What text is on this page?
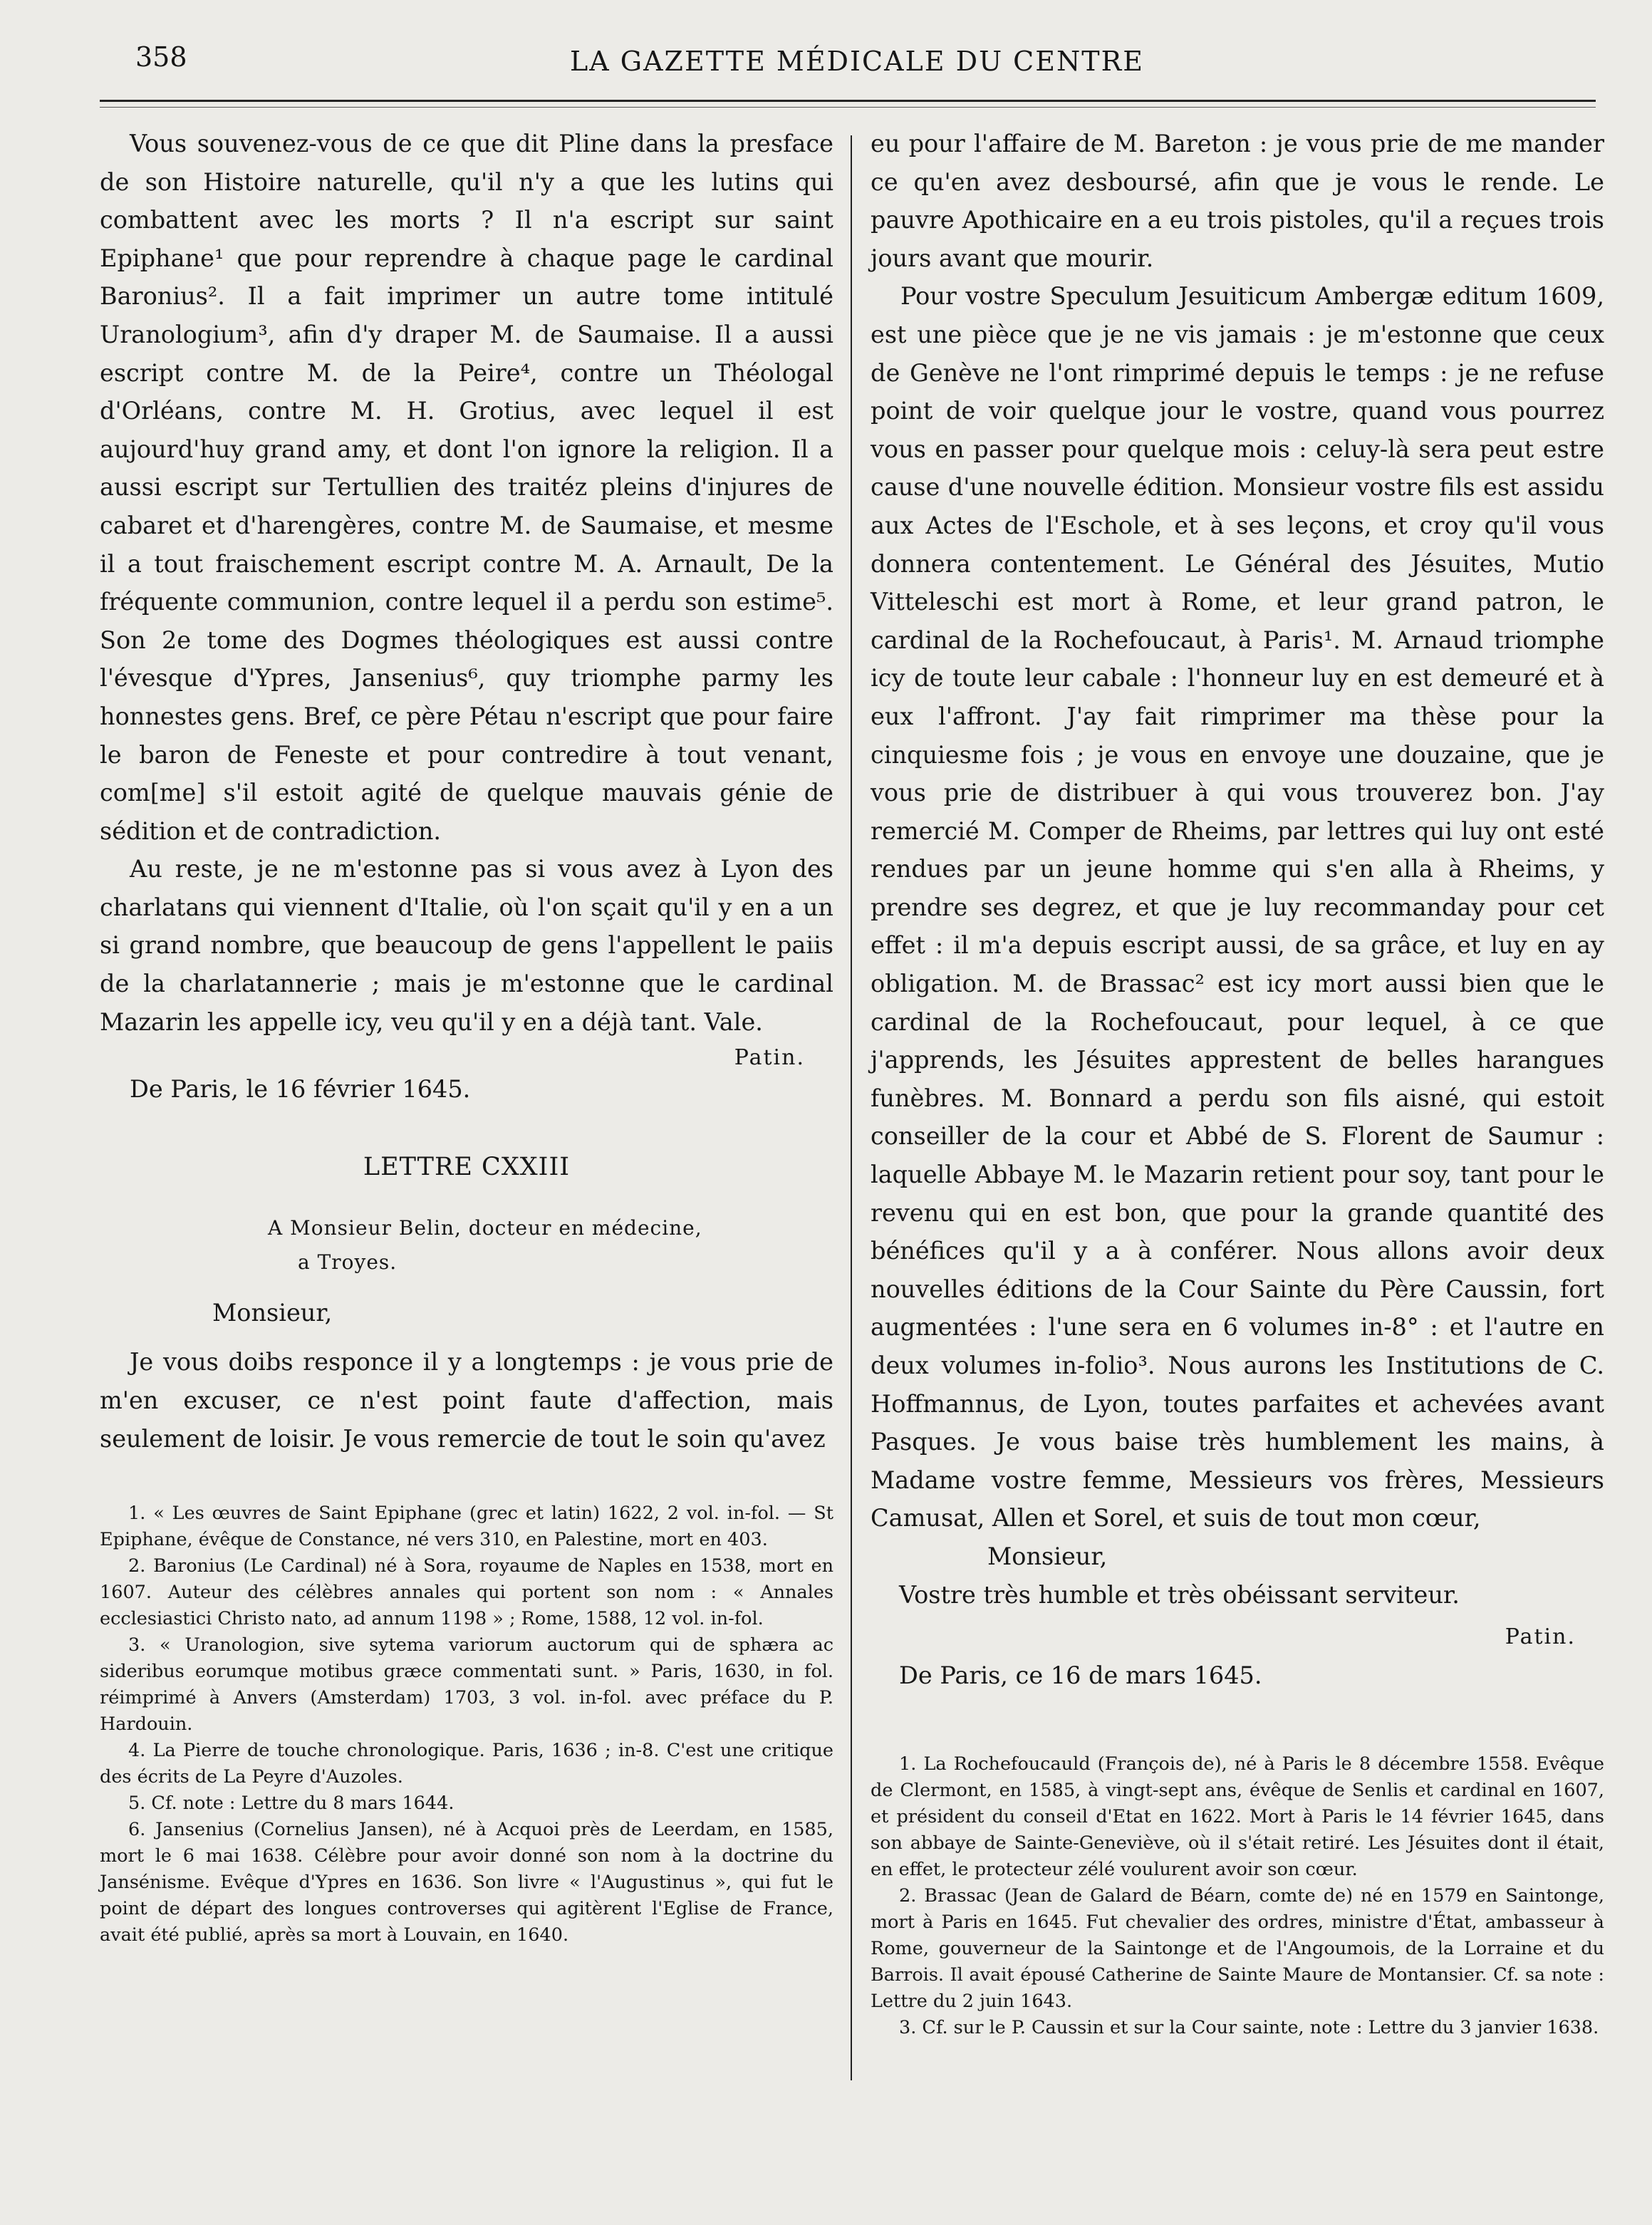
358	LA GAZETTE MÉDICALE DU CENTRE

Vous souvenez-vous de ce que dit Pline dans la presface de son Histoire naturelle, qu'il n'y a que les lutins qui combattent avec les morts ? Il n'a escript sur saint Epiphane¹ que pour reprendre à chaque page le cardinal Baronius². Il a fait imprimer un autre tome intitulé Uranologium³, afin d'y draper M. de Saumaise. Il a aussi escript contre M. de la Peire⁴, contre un Théologal d'Orléans, contre M. H. Grotius, avec lequel il est aujourd'huy grand amy, et dont l'on ignore la religion. Il a aussi escript sur Tertullien des traitéz pleins d'injures de cabaret et d'harengères, contre M. de Saumaise, et mesme il a tout fraischement escript contre M. A. Arnault, De la fréquente communion, contre lequel il a perdu son estime⁵. Son 2e tome des Dogmes théologiques est aussi contre l'évesque d'Ypres, Jansenius⁶, quy triomphe parmy les honnestes gens. Bref, ce père Pétau n'escript que pour faire le baron de Feneste et pour contredire à tout venant, com[me] s'il estoit agité de quelque mauvais génie de sédition et de contradiction.

Au reste, je ne m'estonne pas si vous avez à Lyon des charlatans qui viennent d'Italie, où l'on sçait qu'il y en a un si grand nombre, que beaucoup de gens l'appellent le paiis de la charlatannerie ; mais je m'estonne que le cardinal Mazarin les appelle icy, veu qu'il y en a déjà tant. Vale.

Patin.

De Paris, le 16 février 1645.

LETTRE CXXIII

A Monsieur Belin, docteur en médecine,

a Troyes.

Monsieur,

Je vous doibs responce il y a longtemps : je vous prie de m'en excuser, ce n'est point faute d'affection, mais seulement de loisir. Je vous remercie de tout le soin qu'avez

1. « Les œuvres de Saint Epiphane (grec et latin) 1622, 2 vol. in-fol. — St Epiphane, évêque de Constance, né vers 310, en Palestine, mort en 403.

2. Baronius (Le Cardinal) né à Sora, royaume de Naples en 1538, mort en 1607. Auteur des célèbres annales qui portent son nom : « Annales ecclesiastici Christo nato, ad annum 1198 » ; Rome, 1588, 12 vol. in-fol.

3. « Uranologion, sive sytema variorum auctorum qui de sphæra ac sideribus eorumque motibus græce commentati sunt. » Paris, 1630, in fol. réimprimé à Anvers (Amsterdam) 1703, 3 vol. in-fol. avec préface du P. Hardouin.

4. La Pierre de touche chronologique. Paris, 1636 ; in-8. C'est une critique des écrits de La Peyre d'Auzoles.

5. Cf. note : Lettre du 8 mars 1644.

6. Jansenius (Cornelius Jansen), né à Acquoi près de Leerdam, en 1585, mort le 6 mai 1638. Célèbre pour avoir donné son nom à la doctrine du Jansénisme. Evêque d'Ypres en 1636. Son livre « l'Augustinus », qui fut le point de départ des longues controverses qui agitèrent l'Eglise de France, avait été publié, après sa mort à Louvain, en 1640.

eu pour l'affaire de M. Bareton : je vous prie de me mander ce qu'en avez desboursé, afin que je vous le rende. Le pauvre Apothicaire en a eu trois pistoles, qu'il a reçues trois jours avant que mourir.

Pour vostre Speculum Jesuiticum Ambergæ editum 1609, est une pièce que je ne vis jamais : je m'estonne que ceux de Genève ne l'ont rimprimé depuis le temps : je ne refuse point de voir quelque jour le vostre, quand vous pourrez vous en passer pour quelque mois : celuy-là sera peut estre cause d'une nouvelle édition. Monsieur vostre fils est assidu aux Actes de l'Eschole, et à ses leçons, et croy qu'il vous donnera contentement. Le Général des Jésuites, Mutio Vitteleschi est mort à Rome, et leur grand patron, le cardinal de la Rochefoucaut, à Paris¹. M. Arnaud triomphe icy de toute leur cabale : l'honneur luy en est demeuré et à eux l'affront. J'ay fait rimprimer ma thèse pour la cinquiesme fois ; je vous en envoye une douzaine, que je vous prie de distribuer à qui vous trouverez bon. J'ay remercié M. Comper de Rheims, par lettres qui luy ont esté rendues par un jeune homme qui s'en alla à Rheims, y prendre ses degrez, et que je luy recommanday pour cet effet : il m'a depuis escript aussi, de sa grâce, et luy en ay obligation. M. de Brassac² est icy mort aussi bien que le cardinal de la Rochefoucaut, pour lequel, à ce que j'apprends, les Jésuites apprestent de belles harangues funèbres. M. Bonnard a perdu son fils aisné, qui estoit conseiller de la cour et Abbé de S. Florent de Saumur : laquelle Abbaye M. le Mazarin retient pour soy, tant pour le revenu qui en est bon, que pour la grande quantité des bénéfices qu'il y a à conférer. Nous allons avoir deux nouvelles éditions de la Cour Sainte du Père Caussin, fort augmentées : l'une sera en 6 volumes in-8° : et l'autre en deux volumes in-folio³. Nous aurons les Institutions de C. Hoffmannus, de Lyon, toutes parfaites et achevées avant Pasques. Je vous baise très humblement les mains, à Madame vostre femme, Messieurs vos frères, Messieurs Camusat, Allen et Sorel, et suis de tout mon cœur,

Monsieur,

Vostre très humble et très obéissant serviteur.

Patin.

De Paris, ce 16 de mars 1645.

1. La Rochefoucauld (François de), né à Paris le 8 décembre 1558. Evêque de Clermont, en 1585, à vingt-sept ans, évêque de Senlis et cardinal en 1607, et président du conseil d'Etat en 1622. Mort à Paris le 14 février 1645, dans son abbaye de Sainte-Geneviève, où il s'était retiré. Les Jésuites dont il était, en effet, le protecteur zélé voulurent avoir son cœur.

2. Brassac (Jean de Galard de Béarn, comte de) né en 1579 en Saintonge, mort à Paris en 1645. Fut chevalier des ordres, ministre d'État, ambasseur à Rome, gouverneur de la Saintonge et de l'Angoumois, de la Lorraine et du Barrois. Il avait épousé Catherine de Sainte Maure de Montansier. Cf. sa note : Lettre du 2 juin 1643.

3. Cf. sur le P. Caussin et sur la Cour sainte, note : Lettre du 3 janvier 1638.
